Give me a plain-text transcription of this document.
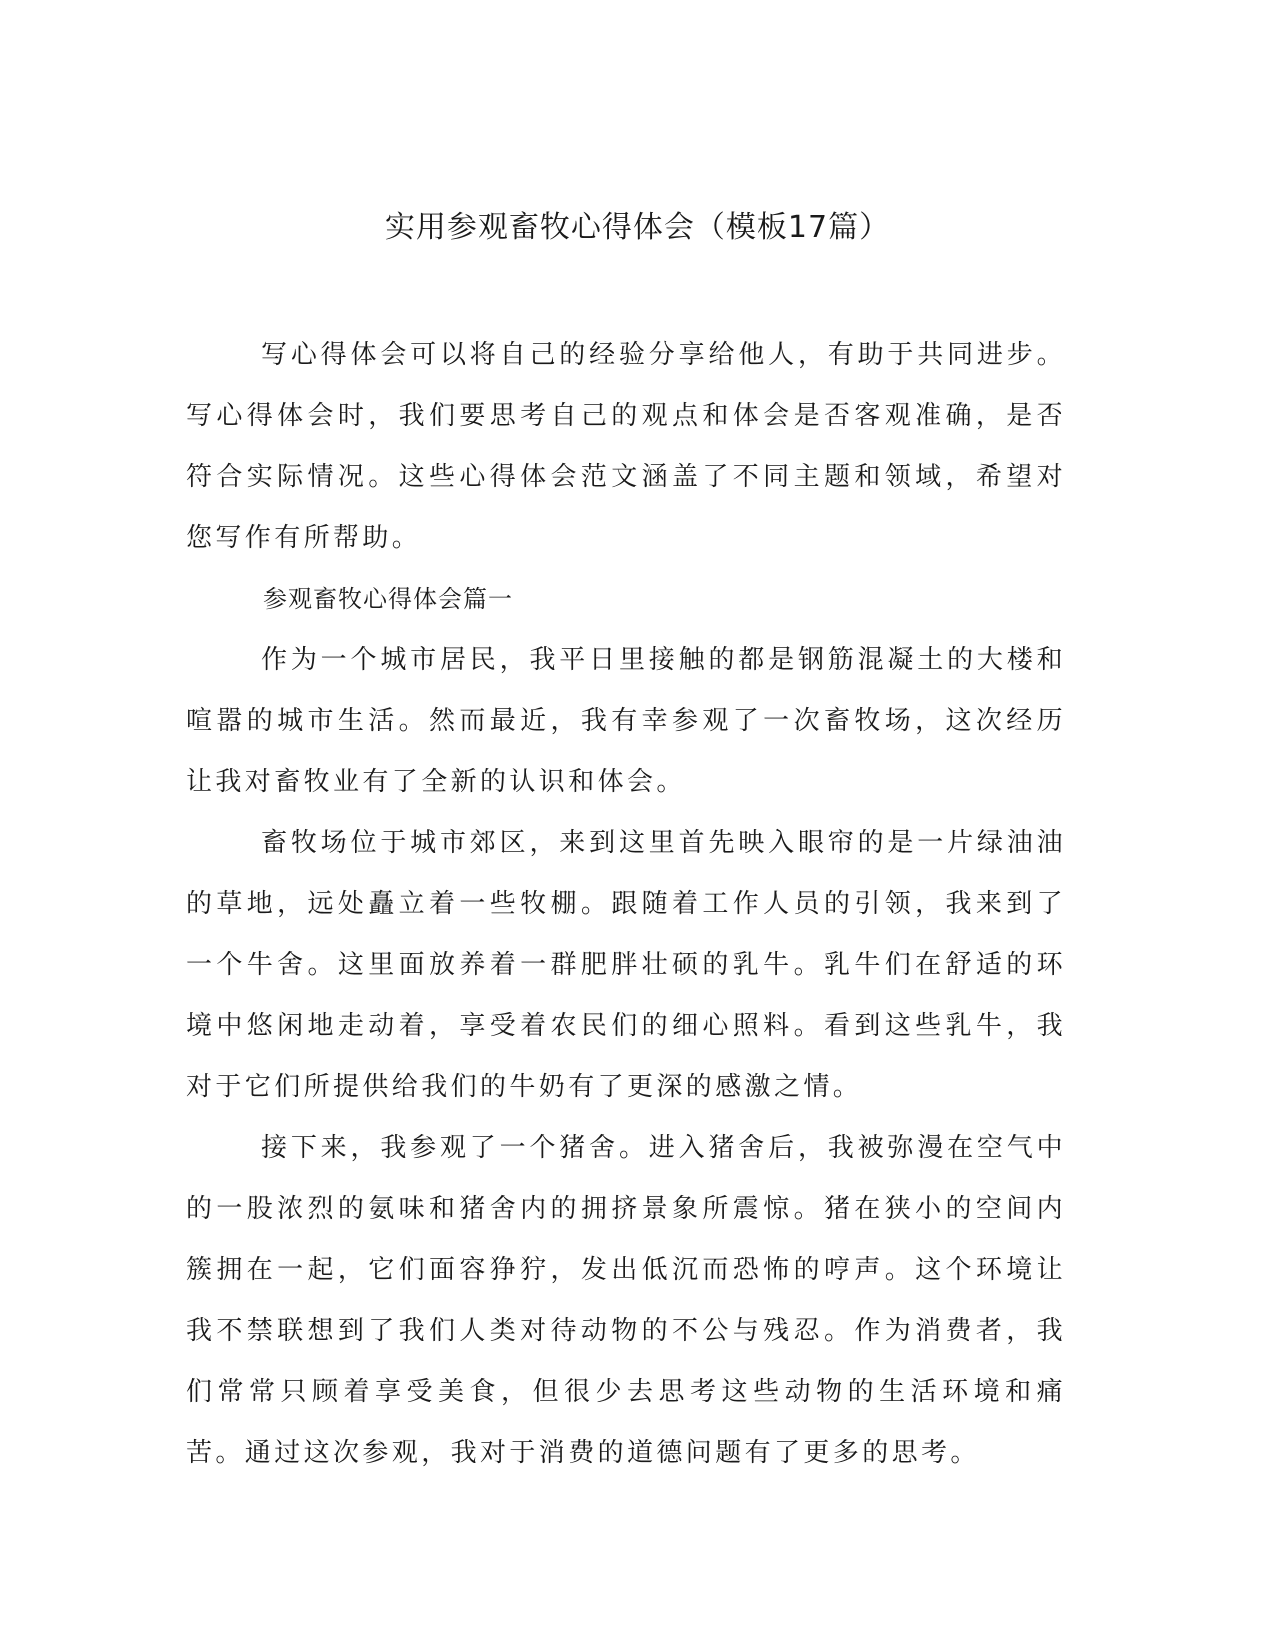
实用参观畜牧心得体会（模板17篇）

写心得体会可以将自己的经验分享给他人，有助于共同进步。写心得体会时，我们要思考自己的观点和体会是否客观准确，是否符合实际情况。这些心得体会范文涵盖了不同主题和领域，希望对您写作有所帮助。

参观畜牧心得体会篇一

作为一个城市居民，我平日里接触的都是钢筋混凝土的大楼和喧嚣的城市生活。然而最近，我有幸参观了一次畜牧场，这次经历让我对畜牧业有了全新的认识和体会。

畜牧场位于城市郊区，来到这里首先映入眼帘的是一片绿油油的草地，远处矗立着一些牧棚。跟随着工作人员的引领，我来到了一个牛舍。这里面放养着一群肥胖壮硕的乳牛。乳牛们在舒适的环境中悠闲地走动着，享受着农民们的细心照料。看到这些乳牛，我对于它们所提供给我们的牛奶有了更深的感激之情。

接下来，我参观了一个猪舍。进入猪舍后，我被弥漫在空气中的一股浓烈的氨味和猪舍内的拥挤景象所震惊。猪在狭小的空间内簇拥在一起，它们面容狰狞，发出低沉而恐怖的哼声。这个环境让我不禁联想到了我们人类对待动物的不公与残忍。作为消费者，我们常常只顾着享受美食，但很少去思考这些动物的生活环境和痛苦。通过这次参观，我对于消费的道德问题有了更多的思考。
